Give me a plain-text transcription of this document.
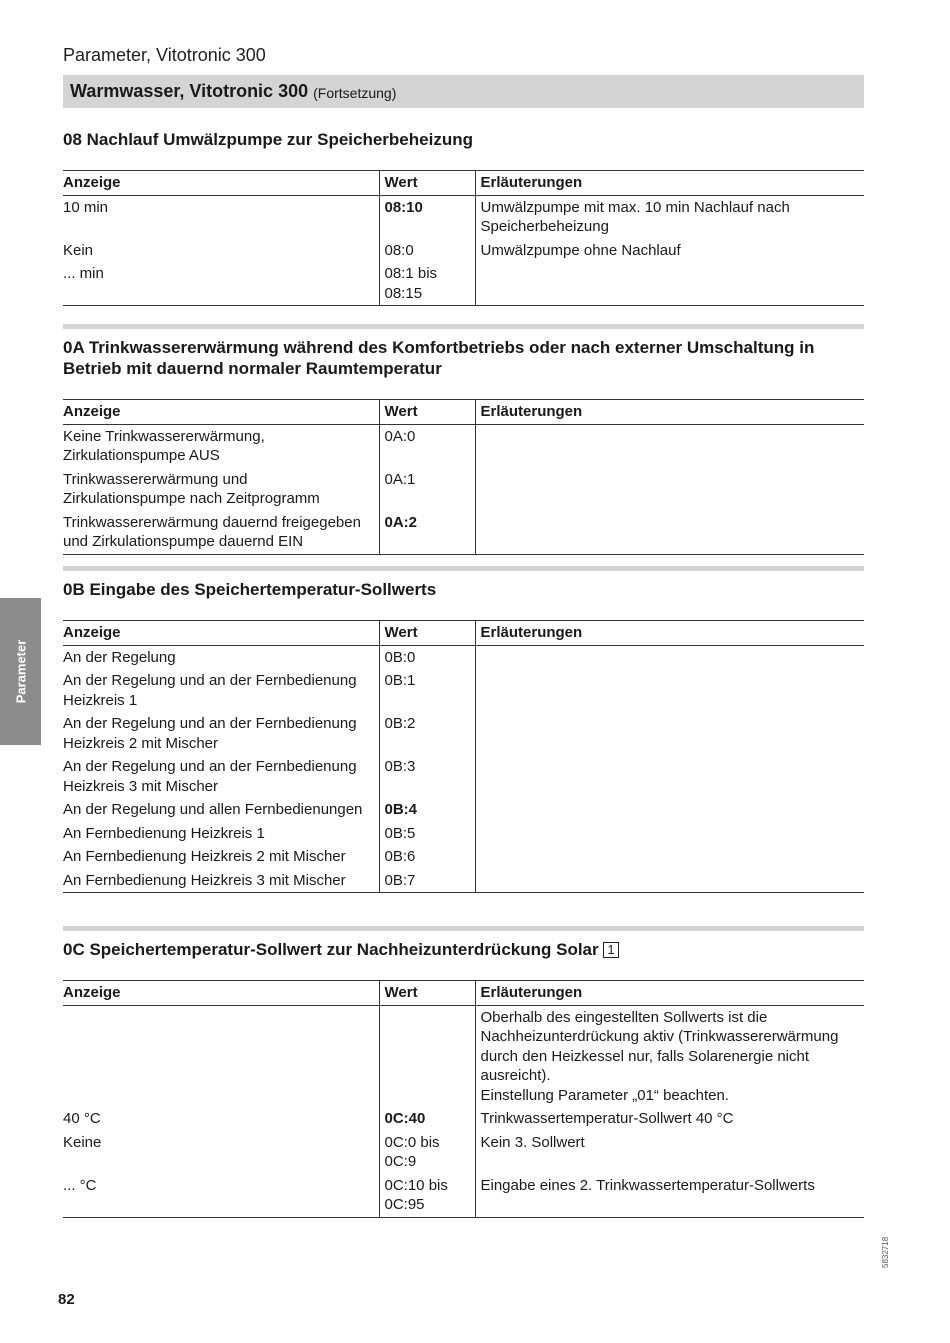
Parameter, Vitotronic 300
Warmwasser, Vitotronic 300 (Fortsetzung)
Parameter
08 Nachlauf Umwälzpumpe zur Speicherbeheizung
Anzeige	Wert	Erläuterungen
10 min	08:10	Umwälzpumpe mit max. 10 min Nachlauf nach Speicherbeheizung
Kein	08:0	Umwälzpumpe ohne Nachlauf
... min	08:1 bis 08:15	
0A Trinkwassererwärmung während des Komfortbetriebs oder nach externer Umschaltung in Betrieb mit dauernd normaler Raumtemperatur
Anzeige	Wert	Erläuterungen
Keine Trinkwassererwärmung, Zirkulationspumpe AUS	0A:0	
Trinkwassererwärmung und Zirkulationspumpe nach Zeitprogramm	0A:1	
Trinkwassererwärmung dauernd freigegeben und Zirkulationspumpe dauernd EIN	0A:2	
0B Eingabe des Speichertemperatur-Sollwerts
Anzeige	Wert	Erläuterungen
An der Regelung	0B:0	
An der Regelung und an der Fernbedienung Heizkreis 1	0B:1	
An der Regelung und an der Fernbedienung Heizkreis 2 mit Mischer	0B:2	
An der Regelung und an der Fernbedienung Heizkreis 3 mit Mischer	0B:3	
An der Regelung und allen Fernbedienungen	0B:4	
An Fernbedienung Heizkreis 1	0B:5	
An Fernbedienung Heizkreis 2 mit Mischer	0B:6	
An Fernbedienung Heizkreis 3 mit Mischer	0B:7	
0C Speichertemperatur-Sollwert zur Nachheizunterdrückung Solar 1
Anzeige	Wert	Erläuterungen

		Oberhalb des eingestellten Sollwerts ist die Nachheizunterdrückung aktiv (Trinkwassererwärmung durch den Heizkessel nur, falls Solarenergie nicht ausreicht).
Einstellung Parameter „01“ beachten.

40 °C	0C:40	Trinkwassertemperatur-Sollwert 40 °C
Keine	0C:0 bis 0C:9	Kein 3. Sollwert
... °C	0C:10 bis 0C:95	Eingabe eines 2. Trinkwassertemperatur-Sollwerts
82
5832718
